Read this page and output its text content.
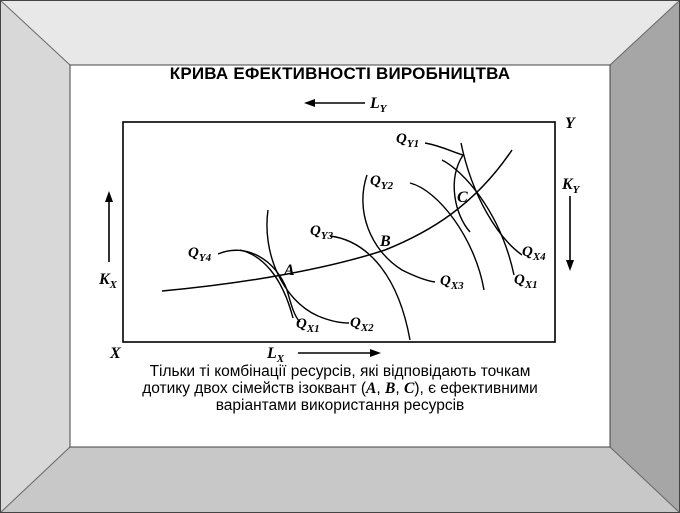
X
Y
$L_Y$
$L_X$
$K_X$
$K_Y$
A
B
C
$Q_{X1}$ $Q_{X2}$
$Q_{X3}$	$Q_{X1}$
$Q_{X4}$
$Q_{Y1}$
$Q_{Y2}$
$Q_{Y3}$
$Q_{Y4}$
КРИВА ЕФЕКТИВНОСТІ ВИРОБНИЦТВА
Тільки ті комбінації ресурсів, які відповідають точкам
дотику двох сімейств ізоквант (A, B, C), є ефективними
варіантами використання ресурсів
